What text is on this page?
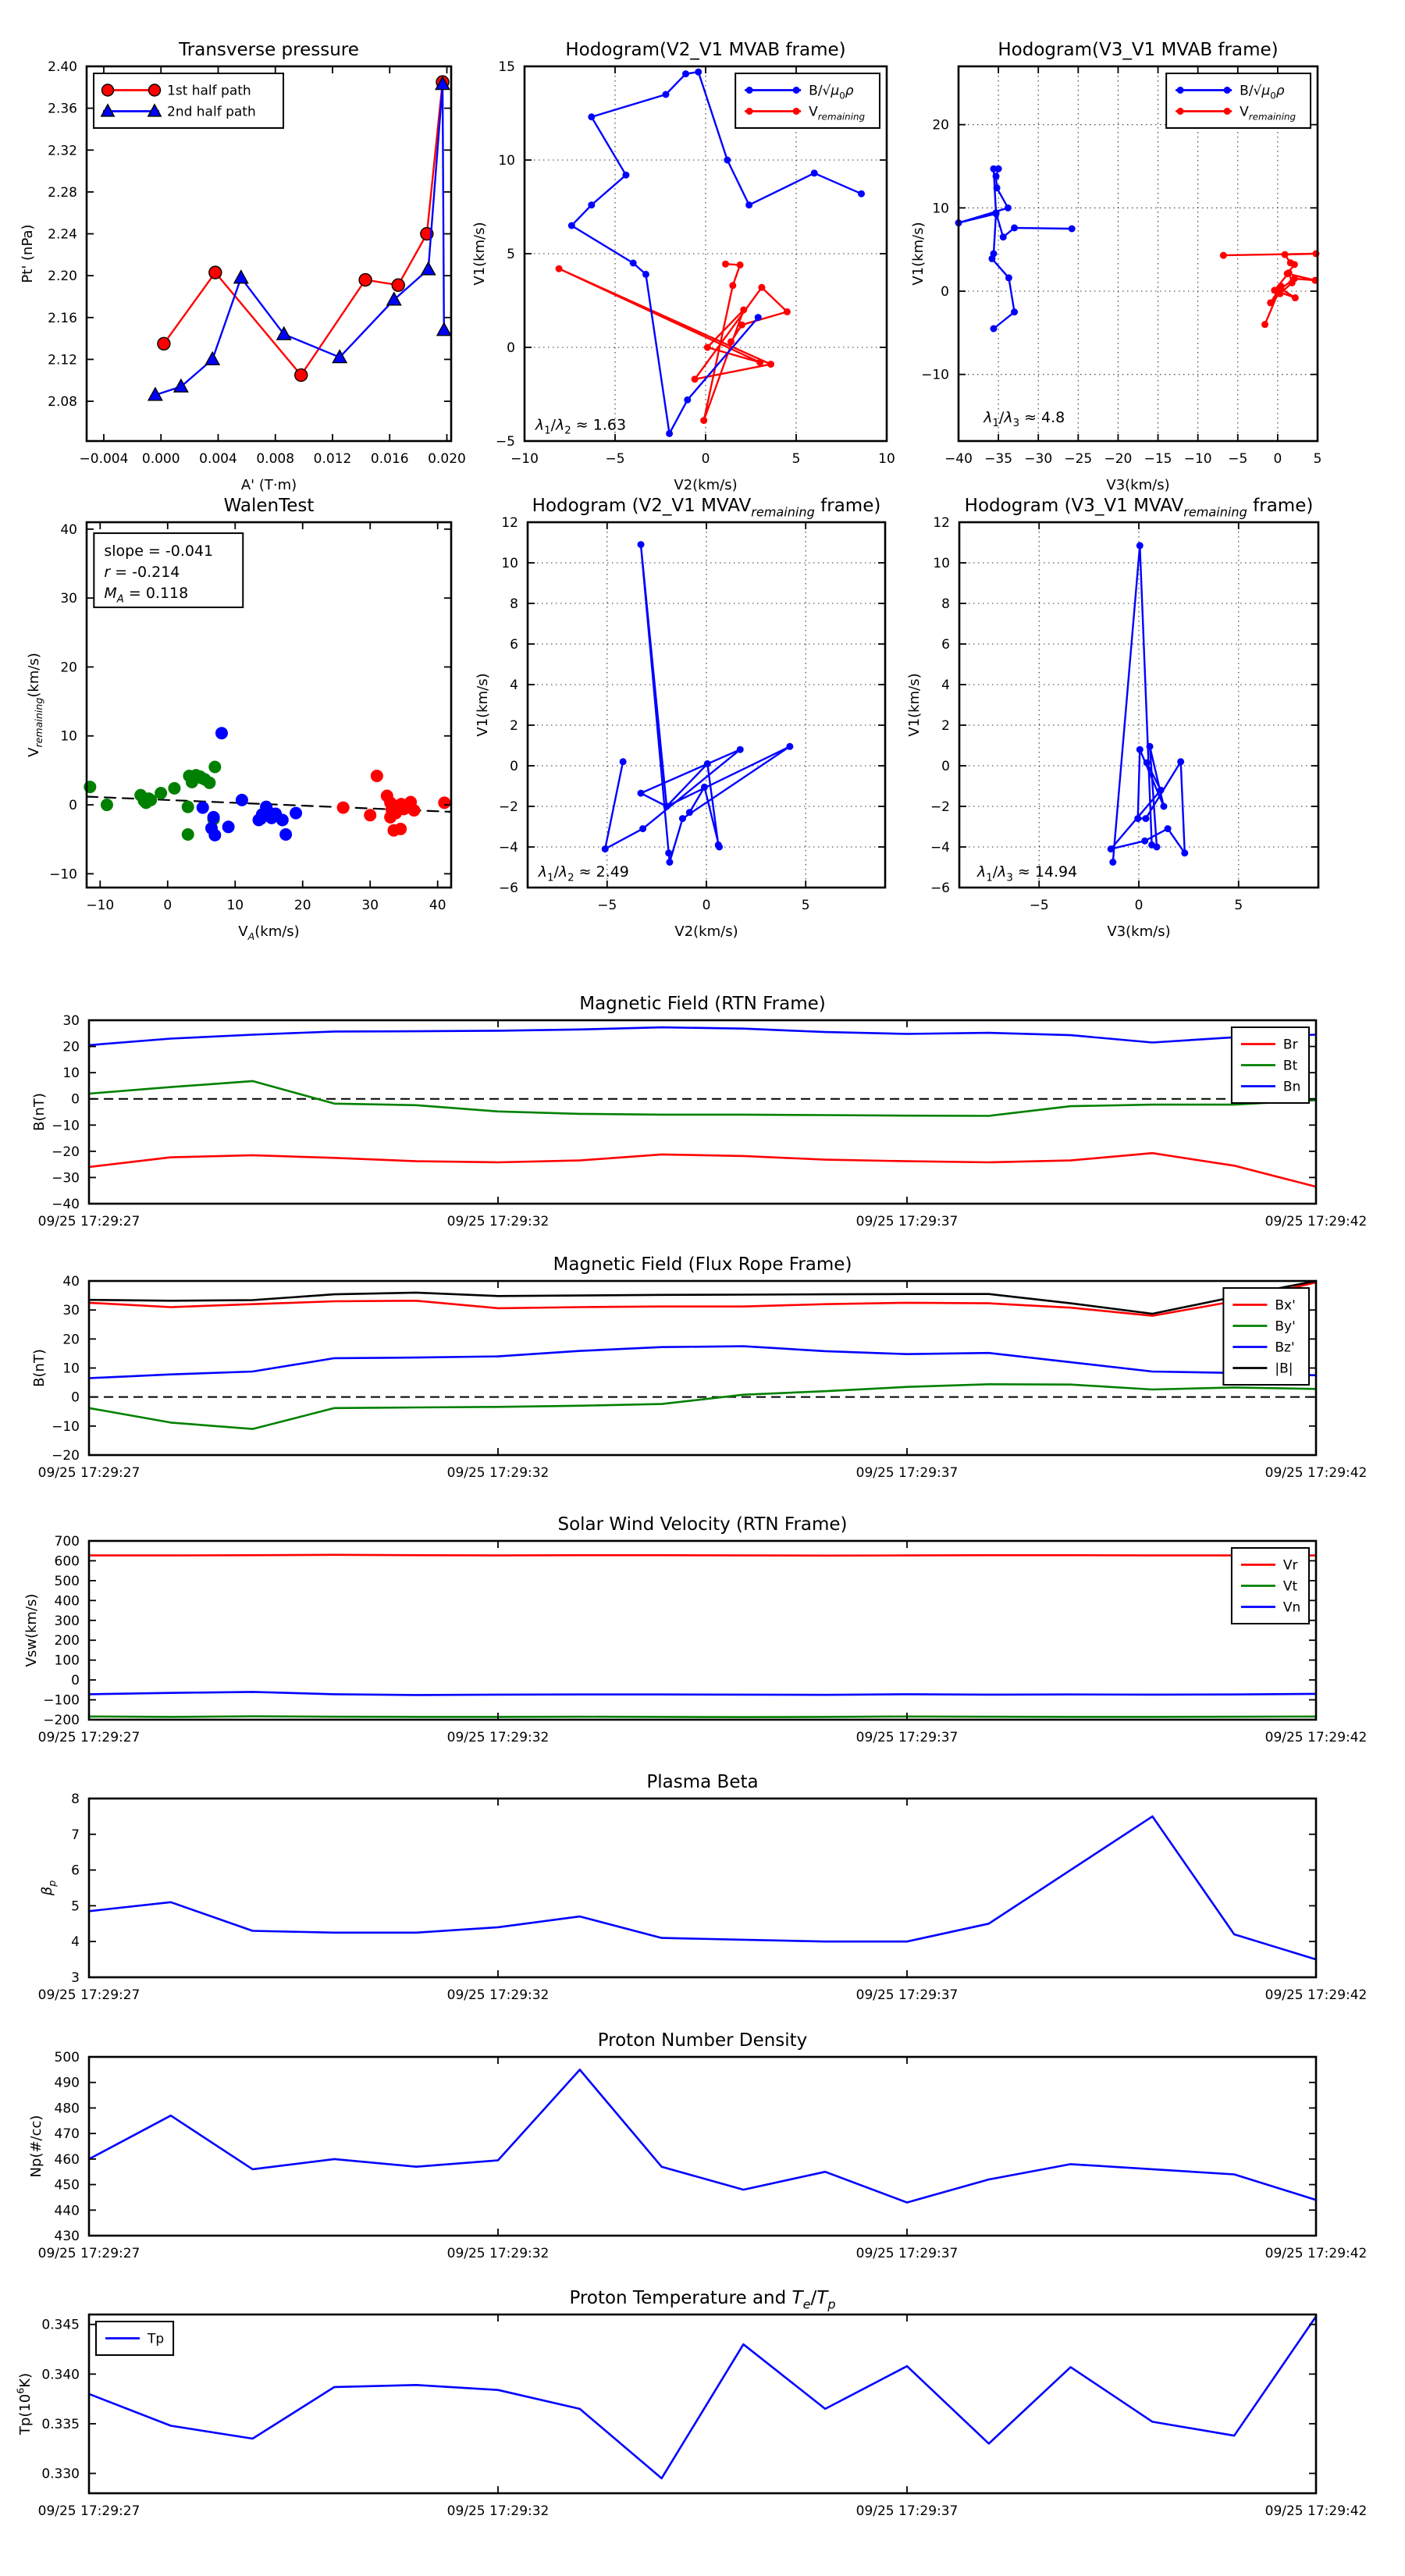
−0.004 0.000 0.004 0.008 0.012 0.016 0.020
2.08
2.12
2.16
2.20
2.24
2.28
2.32
2.36
2.40
Transverse pressure
A' (T·m)
Pt' (nPa)
1st half path
2nd half path
−10	−5	0	5	10
−5
0
5
10
15
Hodogram(V2_V1 MVAB frame)
V2(km/s)
V1(km/s)
$B/√\mu_0\rho$
$V_{remaining}$
$\lambda_1/\lambda_2 \approx 1.63$
−40 −35 −30 −25 −20 −15 −10 −5 0 5
−10
0
10
20
Hodogram(V3_V1 MVAB frame)
V3(km/s)
V1(km/s)
$B/√\mu_0\rho$
$V_{remaining}$
$\lambda_1/\lambda_3 \approx 4.8$
−10	0	10	20	30	40
−10
0
10
20
30
40
WalenTest
$V_A(km/s)$
$V_{remaining}(km/s)$
slope = -0.041
r = -0.214
$M_A = 0.118$
−5	0	5
−6
−4
−2
0
2
4
6
8
10
12
Hodogram (V2_V1 $MVAV_{remaining}$ frame)
V2(km/s)
V1(km/s)
$\lambda_1/\lambda_2 \approx 2.49$
−5	0	5
−6
−4
−2
0
2
4
6
8
10
12
Hodogram (V3_V1 $MVAV_{remaining}$ frame)
V3(km/s)
V1(km/s)
$\lambda_1/\lambda_3 \approx 14.94$
09/25 17:29:27	09/25 17:29:32	09/25 17:29:37	09/25 17:29:42
−40
−30
−20
−10
0
10
20
30
Magnetic Field (RTN Frame)
B(nT)
Br
Bt
Bn
09/25 17:29:27	09/25 17:29:32	09/25 17:29:37	09/25 17:29:42
−20
−10
0
10
20
30
40
Magnetic Field (Flux Rope Frame)
B(nT)
Bx'
By'
Bz'
|B|
09/25 17:29:27	09/25 17:29:32	09/25 17:29:37	09/25 17:29:42
−200
−100
0
100
200
300
400
500
600
700
Solar Wind Velocity (RTN Frame)
Vsw(km/s)
Vr
Vt
Vn
09/25 17:29:27	09/25 17:29:32	09/25 17:29:37	09/25 17:29:42
3
4
5
6
7
8
Plasma Beta
$\beta_p$
09/25 17:29:27	09/25 17:29:32	09/25 17:29:37	09/25 17:29:42
430
440
450
460
470
480
490
500
Proton Number Density
Np(#/cc)
09/25 17:29:27	09/25 17:29:32	09/25 17:29:37	09/25 17:29:42
0.330
0.335
0.340
0.345
Proton Temperature and $T_e/T_p$
$Tp(10^6K)$
Tp
